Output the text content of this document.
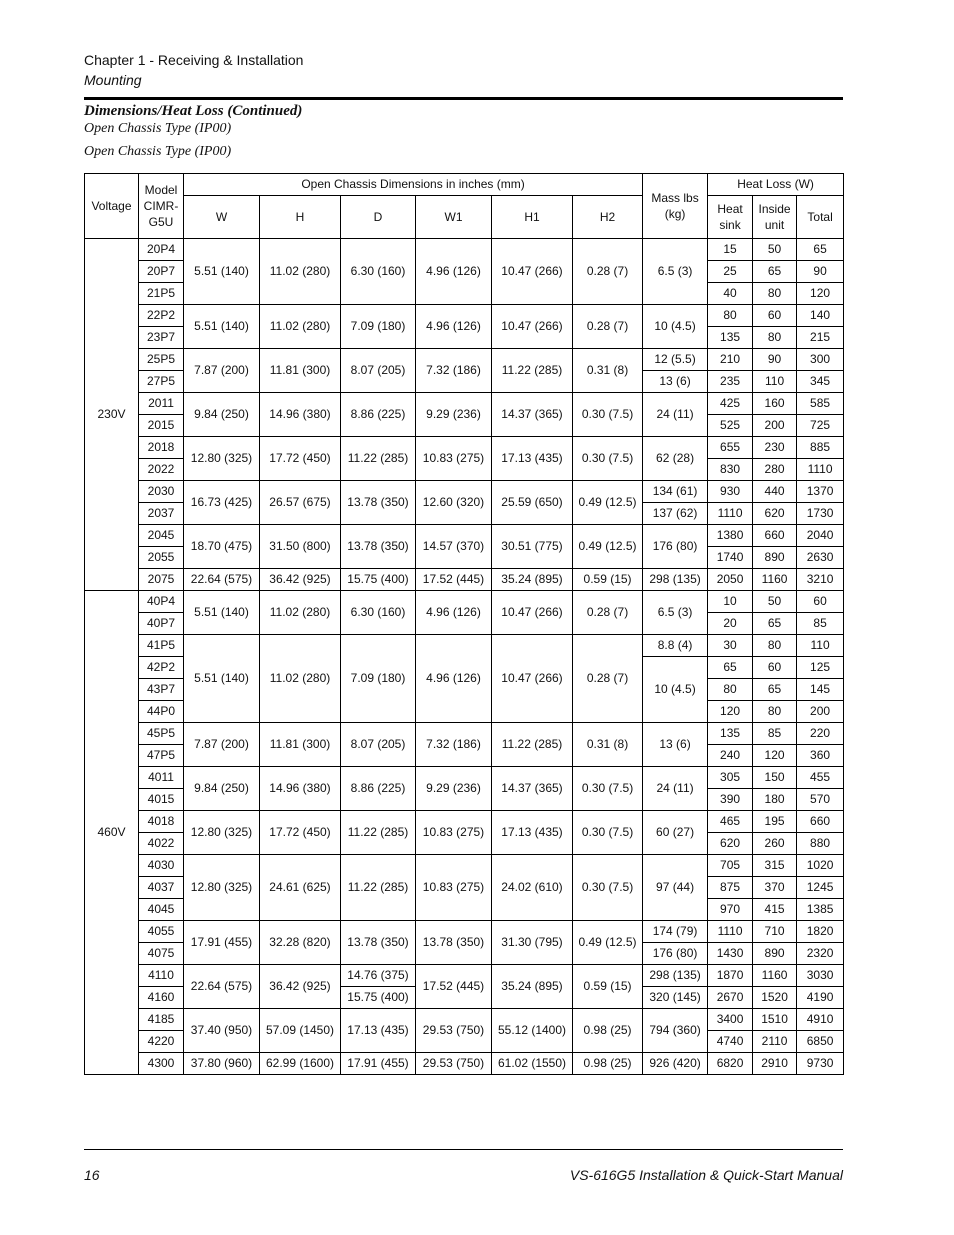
Chapter 1 - Receiving & Installation
Mounting
Dimensions/Heat Loss (Continued)
Open Chassis Type (IP00)
Open Chassis Type (IP00)
Voltage	Model CIMR-G5U	Open Chassis Dimensions in inches (mm)						Mass lbs (kg)	Heat Loss (W)		
		W	H	D	W1	H1	H2		Heat sink	Inside unit	Total
230V	20P4	5.51 (140)	11.02 (280)	6.30 (160)	4.96 (126)	10.47 (266)	0.28 (7)	6.5 (3)	15	50	65
	20P7								25	65	90
	21P5								40	80	120
	22P2	5.51 (140)	11.02 (280)	7.09 (180)	4.96 (126)	10.47 (266)	0.28 (7)	10 (4.5)	80	60	140
	23P7								135	80	215
	25P5	7.87 (200)	11.81 (300)	8.07 (205)	7.32 (186)	11.22 (285)	0.31 (8)	12 (5.5)	210	90	300
	27P5							13 (6)	235	110	345
	2011	9.84 (250)	14.96 (380)	8.86 (225)	9.29 (236)	14.37 (365)	0.30 (7.5)	24 (11)	425	160	585
	2015								525	200	725
	2018	12.80 (325)	17.72 (450)	11.22 (285)	10.83 (275)	17.13 (435)	0.30 (7.5)	62 (28)	655	230	885
	2022								830	280	1110
	2030	16.73 (425)	26.57 (675)	13.78 (350)	12.60 (320)	25.59 (650)	0.49 (12.5)	134 (61)	930	440	1370
	2037							137 (62)	1110	620	1730
	2045	18.70 (475)	31.50 (800)	13.78 (350)	14.57 (370)	30.51 (775)	0.49 (12.5)	176 (80)	1380	660	2040
	2055								1740	890	2630
	2075	22.64 (575)	36.42 (925)	15.75 (400)	17.52 (445)	35.24 (895)	0.59 (15)	298 (135)	2050	1160	3210
460V	40P4	5.51 (140)	11.02 (280)	6.30 (160)	4.96 (126)	10.47 (266)	0.28 (7)	6.5 (3)	10	50	60
	40P7								20	65	85
	41P5	5.51 (140)	11.02 (280)	7.09 (180)	4.96 (126)	10.47 (266)	0.28 (7)	8.8 (4)	30	80	110
	42P2							10 (4.5)	65	60	125
	43P7								80	65	145
	44P0								120	80	200
	45P5	7.87 (200)	11.81 (300)	8.07 (205)	7.32 (186)	11.22 (285)	0.31 (8)	13 (6)	135	85	220
	47P5								240	120	360
	4011	9.84 (250)	14.96 (380)	8.86 (225)	9.29 (236)	14.37 (365)	0.30 (7.5)	24 (11)	305	150	455
	4015								390	180	570
	4018	12.80 (325)	17.72 (450)	11.22 (285)	10.83 (275)	17.13 (435)	0.30 (7.5)	60 (27)	465	195	660
	4022								620	260	880
	4030	12.80 (325)	24.61 (625)	11.22 (285)	10.83 (275)	24.02 (610)	0.30 (7.5)	97 (44)	705	315	1020
	4037								875	370	1245
	4045								970	415	1385
	4055	17.91 (455)	32.28 (820)	13.78 (350)	13.78 (350)	31.30 (795)	0.49 (12.5)	174 (79)	1110	710	1820
	4075							176 (80)	1430	890	2320
	4110	22.64 (575)	36.42 (925)	14.76 (375)	17.52 (445)	35.24 (895)	0.59 (15)	298 (135)	1870	1160	3030
	4160			15.75 (400)				320 (145)	2670	1520	4190
	4185	37.40 (950)	57.09 (1450)	17.13 (435)	29.53 (750)	55.12 (1400)	0.98 (25)	794 (360)	3400	1510	4910
	4220								4740	2110	6850
	4300	37.80 (960)	62.99 (1600)	17.91 (455)	29.53 (750)	61.02 (1550)	0.98 (25)	926 (420)	6820	2910	9730
16	VS-616G5 Installation & Quick-Start Manual
